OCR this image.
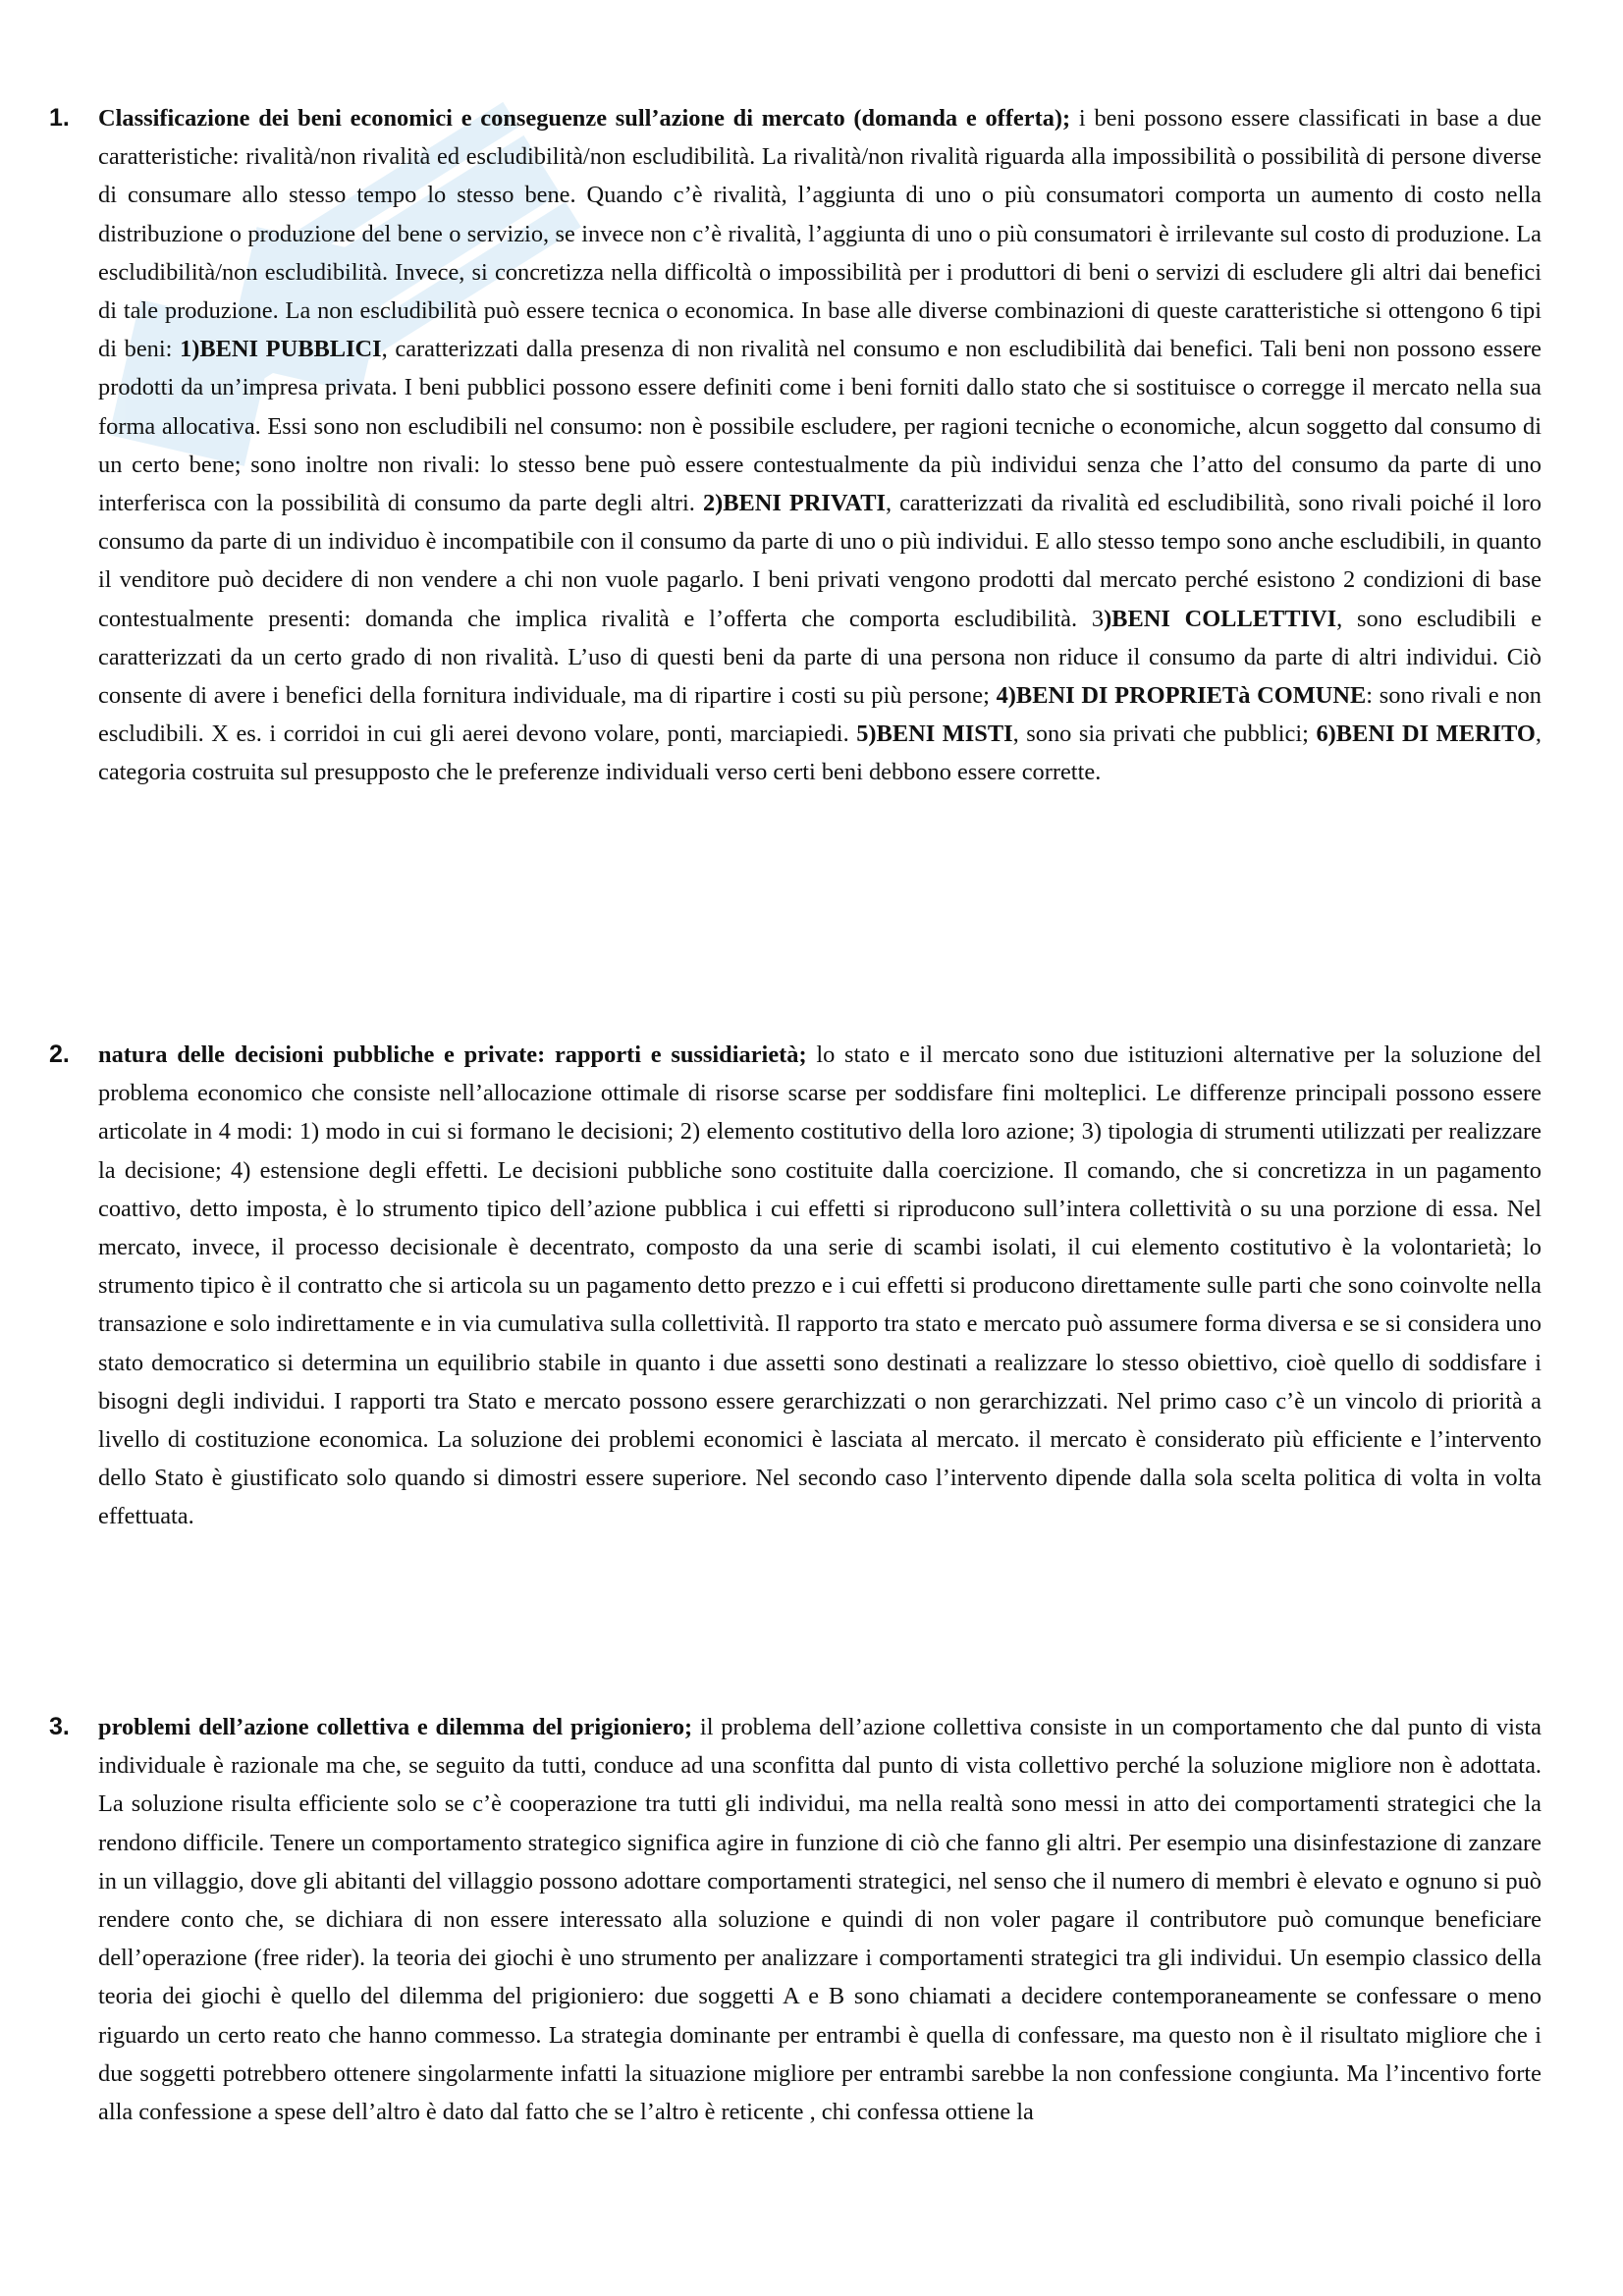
1. Classificazione dei beni economici e conseguenze sull’azione di mercato (domanda e offerta); i beni possono essere classificati in base a due caratteristiche: rivalità/non rivalità ed escludibilità/non escludibilità. La rivalità/non rivalità riguarda alla impossibilità o possibilità di persone diverse di consumare allo stesso tempo lo stesso bene. Quando c’è rivalità, l’aggiunta di uno o più consumatori comporta un aumento di costo nella distribuzione o produzione del bene o servizio, se invece non c’è rivalità, l’aggiunta di uno o più consumatori è irrilevante sul costo di produzione. La escludibilità/non escludibilità. Invece, si concretizza nella difficoltà o impossibilità per i produttori di beni o servizi di escludere gli altri dai benefici di tale produzione. La non escludibilità può essere tecnica o economica. In base alle diverse combinazioni di queste caratteristiche si ottengono 6 tipi di beni: 1)BENI PUBBLICI, caratterizzati dalla presenza di non rivalità nel consumo e non escludibilità dai benefici. Tali beni non possono essere prodotti da un’impresa privata. I beni pubblici possono essere definiti come i beni forniti dallo stato che si sostituisce o corregge il mercato nella sua forma allocativa. Essi sono non escludibili nel consumo: non è possibile escludere, per ragioni tecniche o economiche, alcun soggetto dal consumo di un certo bene; sono inoltre non rivali: lo stesso bene può essere contestualmente da più individui senza che l’atto del consumo da parte di uno interferisca con la possibilità di consumo da parte degli altri. 2)BENI PRIVATI, caratterizzati da rivalità ed escludibilità, sono rivali poiché il loro consumo da parte di un individuo è incompatibile con il consumo da parte di uno o più individui. E allo stesso tempo sono anche escludibili, in quanto il venditore può decidere di non vendere a chi non vuole pagarlo. I beni privati vengono prodotti dal mercato perché esistono 2 condizioni di base contestualmente presenti: domanda che implica rivalità e l’offerta che comporta escludibilità. 3)BENI COLLETTIVI, sono escludibili e caratterizzati da un certo grado di non rivalità. L’uso di questi beni da parte di una persona non riduce il consumo da parte di altri individui. Ciò consente di avere i benefici della fornitura individuale, ma di ripartire i costi su più persone; 4)BENI DI PROPRIETà COMUNE: sono rivali e non escludibili. X es. i corridoi in cui gli aerei devono volare, ponti, marciapiedi. 5)BENI MISTI, sono sia privati che pubblici; 6)BENI DI MERITO, categoria costruita sul presupposto che le preferenze individuali verso certi beni debbono essere corrette.

2. natura delle decisioni pubbliche e private: rapporti e sussidiarietà; lo stato e il mercato sono due istituzioni alternative per la soluzione del problema economico che consiste nell’allocazione ottimale di risorse scarse per soddisfare fini molteplici. Le differenze principali possono essere articolate in 4 modi: 1) modo in cui si formano le decisioni; 2) elemento costitutivo della loro azione; 3) tipologia di strumenti utilizzati per realizzare la decisione; 4) estensione degli effetti. Le decisioni pubbliche sono costituite dalla coercizione. Il comando, che si concretizza in un pagamento coattivo, detto imposta, è lo strumento tipico dell’azione pubblica i cui effetti si riproducono sull’intera collettività o su una porzione di essa. Nel mercato, invece, il processo decisionale è decentrato, composto da una serie di scambi isolati, il cui elemento costitutivo è la volontarietà; lo strumento tipico è il contratto che si articola su un pagamento detto prezzo e i cui effetti si producono direttamente sulle parti che sono coinvolte nella transazione e solo indirettamente e in via cumulativa sulla collettività. Il rapporto tra stato e mercato può assumere forma diversa e se si considera uno stato democratico si determina un equilibrio stabile in quanto i due assetti sono destinati a realizzare lo stesso obiettivo, cioè quello di soddisfare i bisogni degli individui. I rapporti tra Stato e mercato possono essere gerarchizzati o non gerarchizzati. Nel primo caso c’è un vincolo di priorità a livello di costituzione economica. La soluzione dei problemi economici è lasciata al mercato. il mercato è considerato più efficiente e l’intervento dello Stato è giustificato solo quando si dimostri essere superiore. Nel secondo caso l’intervento dipende dalla sola scelta politica di volta in volta effettuata.

3. problemi dell’azione collettiva e dilemma del prigioniero; il problema dell’azione collettiva consiste in un comportamento che dal punto di vista individuale è razionale ma che, se seguito da tutti, conduce ad una sconfitta dal punto di vista collettivo perché la soluzione migliore non è adottata. La soluzione risulta efficiente solo se c’è cooperazione tra tutti gli individui, ma nella realtà sono messi in atto dei comportamenti strategici che la rendono difficile. Tenere un comportamento strategico significa agire in funzione di ciò che fanno gli altri. Per esempio una disinfestazione di zanzare in un villaggio, dove gli abitanti del villaggio possono adottare comportamenti strategici, nel senso che il numero di membri è elevato e ognuno si può rendere conto che, se dichiara di non essere interessato alla soluzione e quindi di non voler pagare il contributore può comunque beneficiare dell’operazione (free rider). la teoria dei giochi è uno strumento per analizzare i comportamenti strategici tra gli individui. Un esempio classico della teoria dei giochi è quello del dilemma del prigioniero: due soggetti A e B sono chiamati a decidere contemporaneamente se confessare o meno riguardo un certo reato che hanno commesso. La strategia dominante per entrambi è quella di confessare, ma questo non è il risultato migliore che i due soggetti potrebbero ottenere singolarmente infatti la situazione migliore per entrambi sarebbe la non confessione congiunta. Ma l’incentivo forte alla confessione a spese dell’altro è dato dal fatto che se l’altro è reticente , chi confessa ottiene la
